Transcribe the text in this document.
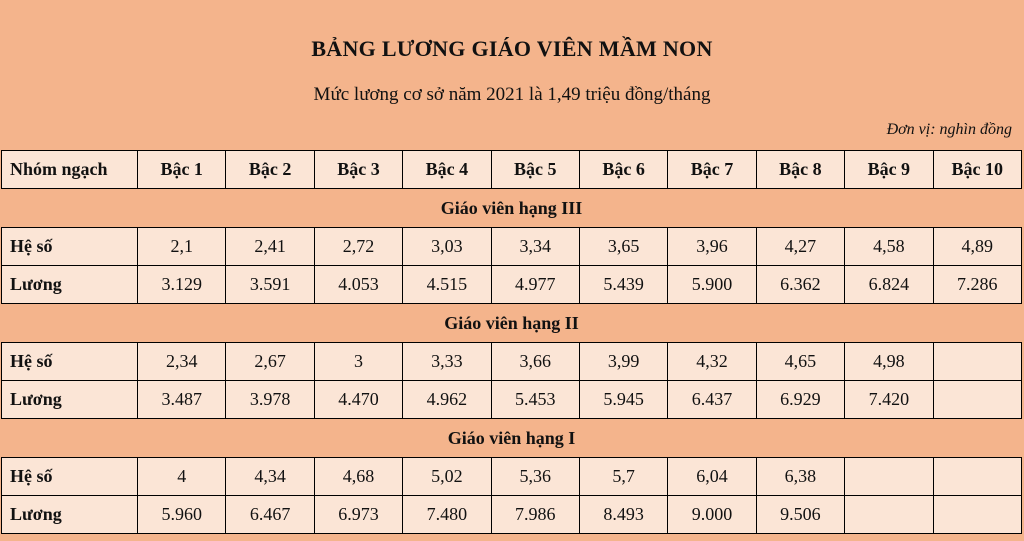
BẢNG LƯƠNG GIÁO VIÊN MẦM NON
Mức lương cơ sở năm 2021 là 1,49 triệu đồng/tháng
Đơn vị: nghìn đồng
Nhóm ngạch	Bậc 1	Bậc 2	Bậc 3	Bậc 4	Bậc 5	Bậc 6	Bậc 7	Bậc 8	Bậc 9	Bậc 10
Giáo viên hạng III										
Hệ số	2,1	2,41	2,72	3,03	3,34	3,65	3,96	4,27	4,58	4,89
Lương	3.129	3.591	4.053	4.515	4.977	5.439	5.900	6.362	6.824	7.286
Giáo viên hạng II										
Hệ số	2,34	2,67	3	3,33	3,66	3,99	4,32	4,65	4,98	
Lương	3.487	3.978	4.470	4.962	5.453	5.945	6.437	6.929	7.420	
Giáo viên hạng I										
Hệ số	4	4,34	4,68	5,02	5,36	5,7	6,04	6,38		
Lương	5.960	6.467	6.973	7.480	7.986	8.493	9.000	9.506		
